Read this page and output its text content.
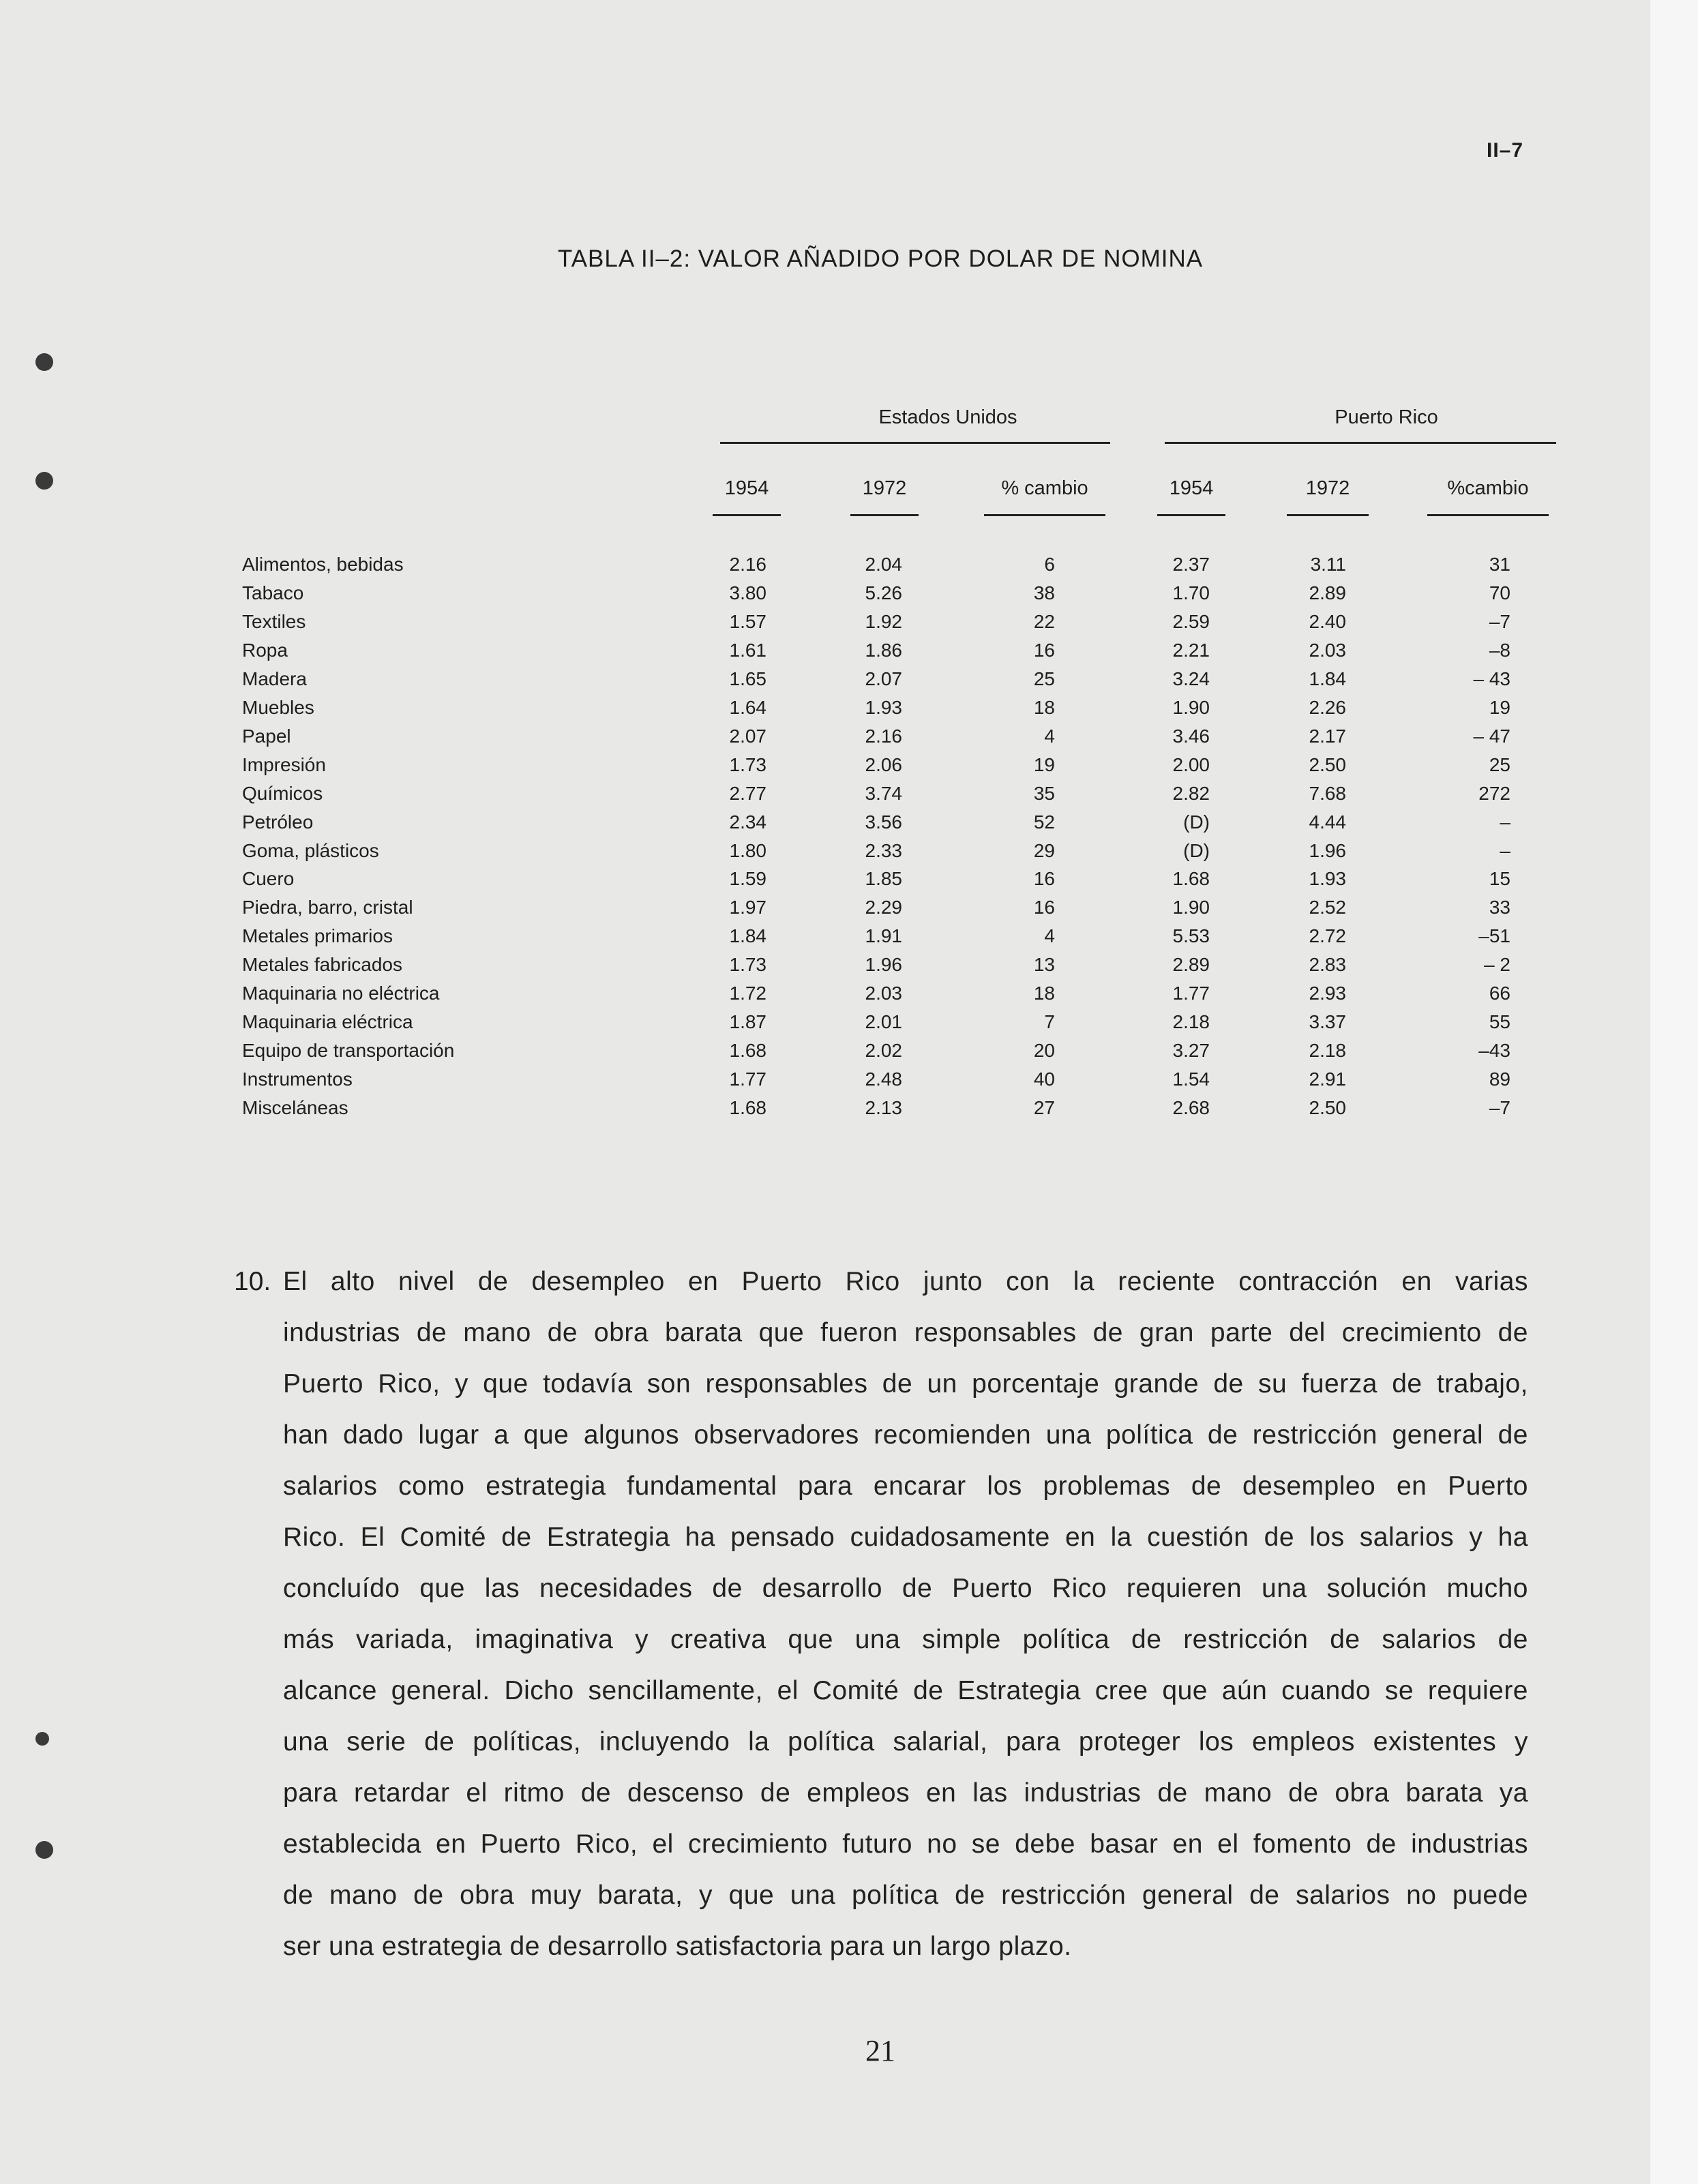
II–7
TABLA II–2: VALOR AÑADIDO POR DOLAR DE NOMINA
Estados Unidos	Puerto Rico
1954	1972	% cambio	1954	1972	%cambio
Alimentos, bebidas	2.16	2.04	6	2.37	3.11	31
Tabaco	3.80	5.26	38	1.70	2.89	70
Textiles	1.57	1.92	22	2.59	2.40	–7
Ropa	1.61	1.86	16	2.21	2.03	–8
Madera	1.65	2.07	25	3.24	1.84	– 43
Muebles	1.64	1.93	18	1.90	2.26	19
Papel	2.07	2.16	4	3.46	2.17	– 47
Impresión	1.73	2.06	19	2.00	2.50	25
Químicos	2.77	3.74	35	2.82	7.68	272
Petróleo	2.34	3.56	52	(D)	4.44	–
Goma, plásticos	1.80	2.33	29	(D)	1.96	–
Cuero	1.59	1.85	16	1.68	1.93	15
Piedra, barro, cristal	1.97	2.29	16	1.90	2.52	33
Metales primarios	1.84	1.91	4	5.53	2.72	–51
Metales fabricados	1.73	1.96	13	2.89	2.83	– 2
Maquinaria no eléctrica	1.72	2.03	18	1.77	2.93	66
Maquinaria eléctrica	1.87	2.01	7	2.18	3.37	55
Equipo de transportación	1.68	2.02	20	3.27	2.18	–43
Instrumentos	1.77	2.48	40	1.54	2.91	89
Misceláneas	1.68	2.13	27	2.68	2.50	–7
10. El alto nivel de desempleo en Puerto Rico junto con la reciente contracción en varias
industrias de mano de obra barata que fueron responsables de gran parte del crecimiento de
Puerto Rico, y que todavía son responsables de un porcentaje grande de su fuerza de trabajo,
han dado lugar a que algunos observadores recomienden una política de restricción general de
salarios como estrategia fundamental para encarar los problemas de desempleo en Puerto
Rico. El Comité de Estrategia ha pensado cuidadosamente en la cuestión de los salarios y ha
concluído que las necesidades de desarrollo de Puerto Rico requieren una solución mucho
más variada, imaginativa y creativa que una simple política de restricción de salarios de
alcance general. Dicho sencillamente, el Comité de Estrategia cree que aún cuando se requiere
una serie de políticas, incluyendo la política salarial, para proteger los empleos existentes y
para retardar el ritmo de descenso de empleos en las industrias de mano de obra barata ya
establecida en Puerto Rico, el crecimiento futuro no se debe basar en el fomento de industrias
de mano de obra muy barata, y que una política de restricción general de salarios no puede
ser una estrategia de desarrollo satisfactoria para un largo plazo.
21
